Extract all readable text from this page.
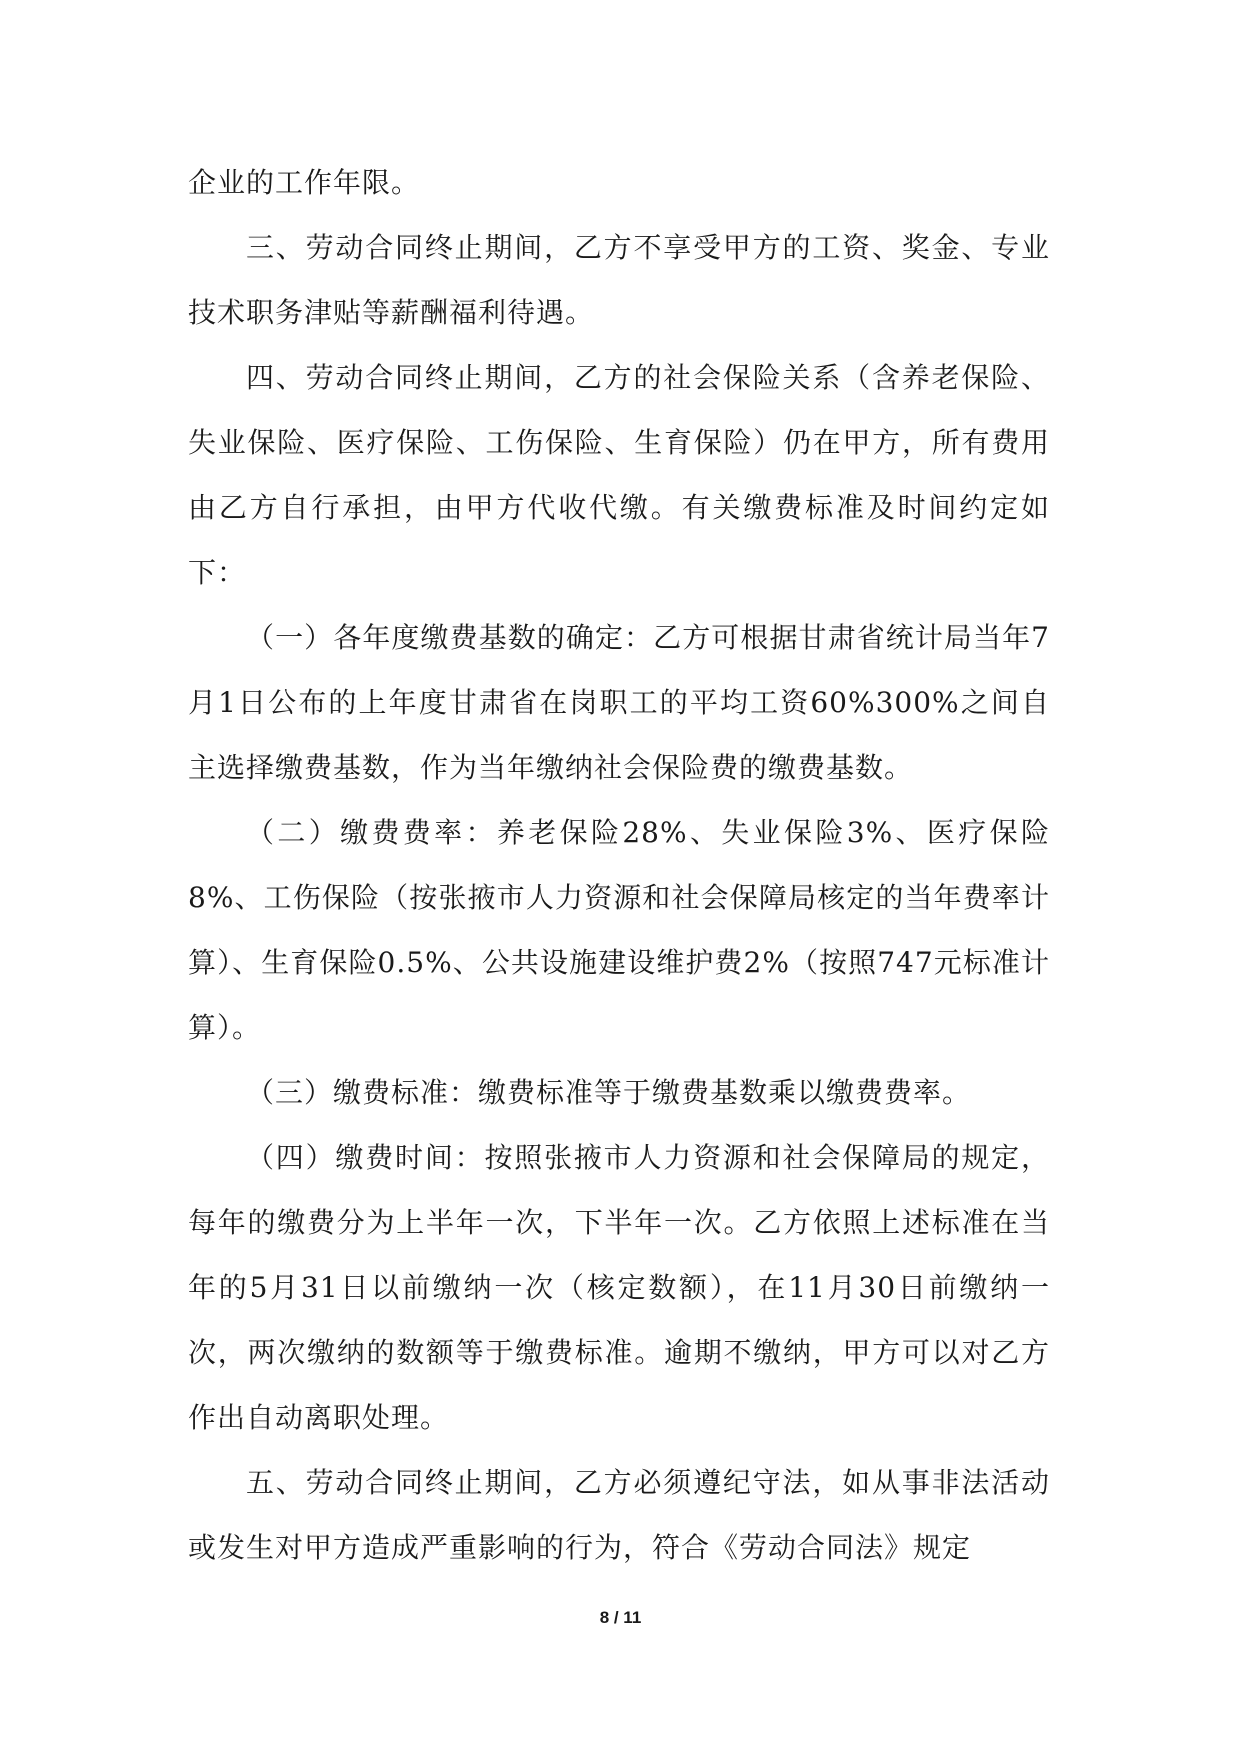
企业的工作年限。

三、劳动合同终止期间，乙方不享受甲方的工资、奖金、专业技术职务津贴等薪酬福利待遇。

四、劳动合同终止期间，乙方的社会保险关系（含养老保险、失业保险、医疗保险、工伤保险、生育保险）仍在甲方，所有费用由乙方自行承担，由甲方代收代缴。有关缴费标准及时间约定如下：

（一）各年度缴费基数的确定：乙方可根据甘肃省统计局当年7月1日公布的上年度甘肃省在岗职工的平均工资60%300%之间自主选择缴费基数，作为当年缴纳社会保险费的缴费基数。

（二）缴费费率：养老保险28%、失业保险3%、医疗保险8%、工伤保险（按张掖市人力资源和社会保障局核定的当年费率计算）、生育保险0.5%、公共设施建设维护费2%（按照747元标准计算）。

（三）缴费标准：缴费标准等于缴费基数乘以缴费费率。

（四）缴费时间：按照张掖市人力资源和社会保障局的规定，每年的缴费分为上半年一次，下半年一次。乙方依照上述标准在当年的5月31日以前缴纳一次（核定数额），在11月30日前缴纳一次，两次缴纳的数额等于缴费标准。逾期不缴纳，甲方可以对乙方作出自动离职处理。

五、劳动合同终止期间，乙方必须遵纪守法，如从事非法活动或发生对甲方造成严重影响的行为，符合《劳动合同法》规定

8 / 11
